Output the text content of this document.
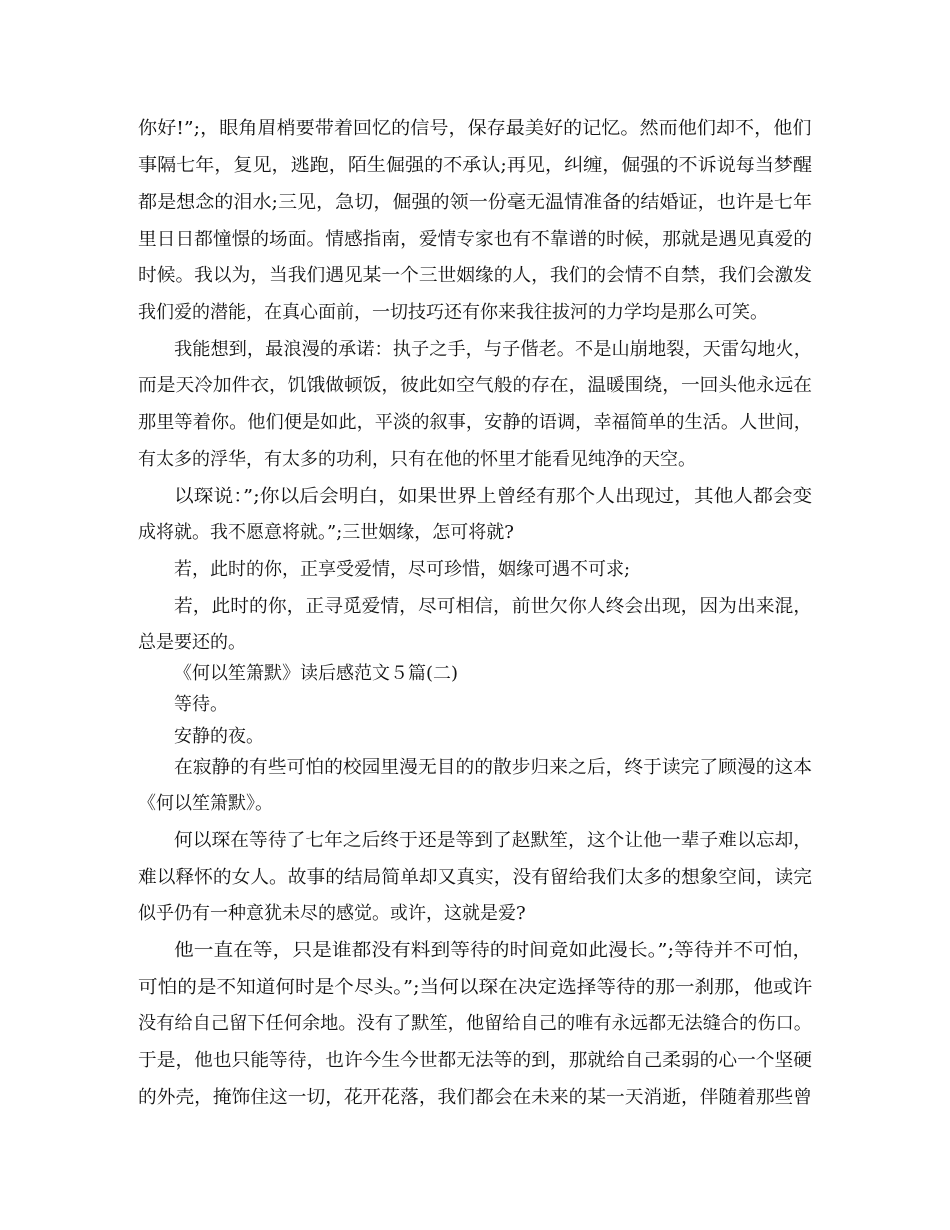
你好!”;，眼角眉梢要带着回忆的信号，保存最美好的记忆。然而他们却不，他们
事隔七年，复见，逃跑，陌生倔强的不承认;再见，纠缠，倔强的不诉说每当梦醒
都是想念的泪水;三见，急切，倔强的领一份毫无温情准备的结婚证，也许是七年
里日日都憧憬的场面。情感指南，爱情专家也有不靠谱的时候，那就是遇见真爱的
时候。我以为，当我们遇见某一个三世姻缘的人，我们的会情不自禁，我们会激发
我们爱的潜能，在真心面前，一切技巧还有你来我往拔河的力学均是那么可笑。
我能想到，最浪漫的承诺：执子之手，与子偕老。不是山崩地裂，天雷勾地火，
而是天冷加件衣，饥饿做顿饭，彼此如空气般的存在，温暖围绕，一回头他永远在
那里等着你。他们便是如此，平淡的叙事，安静的语调，幸福简单的生活。人世间，
有太多的浮华，有太多的功利，只有在他的怀里才能看见纯净的天空。
以琛说：”;你以后会明白，如果世界上曾经有那个人出现过，其他人都会变
成将就。我不愿意将就。”;三世姻缘，怎可将就?
若，此时的你，正享受爱情，尽可珍惜，姻缘可遇不可求;
若，此时的你，正寻觅爱情，尽可相信，前世欠你人终会出现，因为出来混，
总是要还的。
《何以笙箫默》读后感范文５篇(二)
等待。
安静的夜。
在寂静的有些可怕的校园里漫无目的的散步归来之后，终于读完了顾漫的这本
《何以笙箫默》。
何以琛在等待了七年之后终于还是等到了赵默笙，这个让他一辈子难以忘却，
难以释怀的女人。故事的结局简单却又真实，没有留给我们太多的想象空间，读完
似乎仍有一种意犹未尽的感觉。或许，这就是爱?
他一直在等，只是谁都没有料到等待的时间竟如此漫长。”;等待并不可怕，
可怕的是不知道何时是个尽头。”;当何以琛在决定选择等待的那一刹那，他或许
没有给自己留下任何余地。没有了默笙，他留给自己的唯有永远都无法缝合的伤口。
于是，他也只能等待，也许今生今世都无法等的到，那就给自己柔弱的心一个坚硬
的外壳，掩饰住这一切，花开花落，我们都会在未来的某一天消逝，伴随着那些曾
